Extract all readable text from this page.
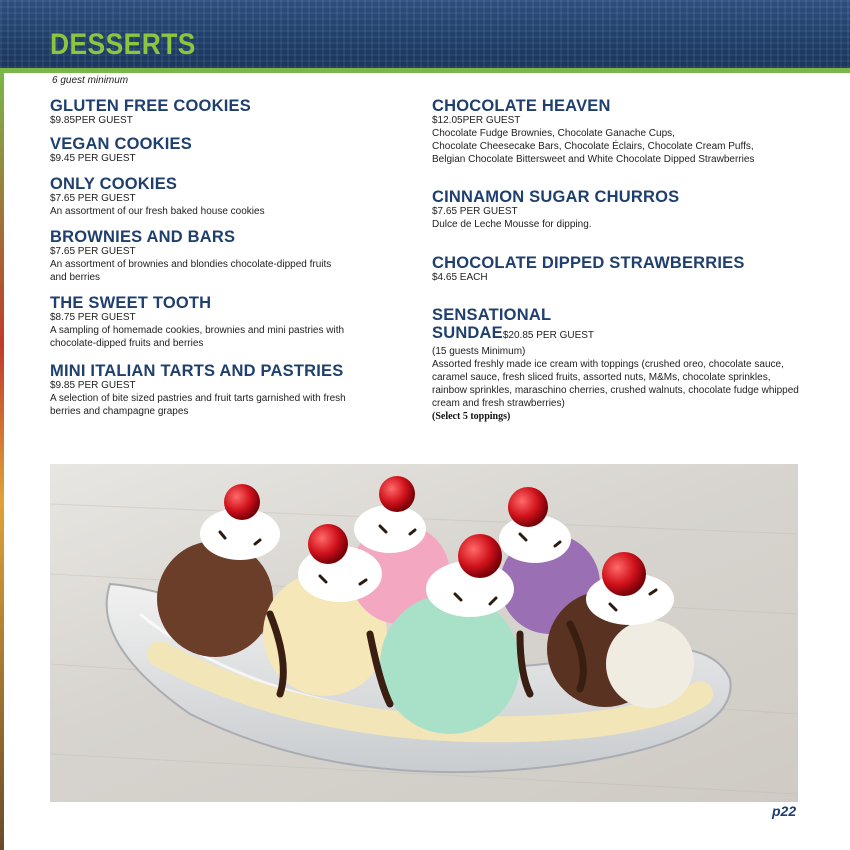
DESSERTS
6 guest minimum
GLUTEN FREE COOKIES
$9.85PER GUEST
VEGAN COOKIES
$9.45 PER GUEST
ONLY COOKIES
$7.65 PER GUEST
An assortment of our fresh baked house cookies
BROWNIES AND BARS
$7.65 PER GUEST
An assortment of brownies and blondies chocolate-dipped fruits and berries
THE SWEET TOOTH
$8.75 PER GUEST
A sampling of homemade cookies, brownies and mini pastries with chocolate-dipped fruits and berries
MINI ITALIAN TARTS AND PASTRIES
$9.85 PER GUEST
A selection of bite sized pastries and fruit tarts garnished with fresh berries and champagne grapes
CHOCOLATE HEAVEN
$12.05PER GUEST
Chocolate Fudge Brownies, Chocolate Ganache Cups,
Chocolate Cheesecake Bars, Chocolate Éclairs, Chocolate Cream Puffs,
Belgian Chocolate Bittersweet and White Chocolate Dipped Strawberries
CINNAMON SUGAR CHURROS
$7.65 PER GUEST
Dulce de Leche Mousse for dipping.
CHOCOLATE DIPPED STRAWBERRIES
$4.65 EACH
SENSATIONAL
SUNDAE$20.85 PER GUEST
(15 guests Minimum)
Assorted freshly made ice cream with toppings (crushed oreo, chocolate sauce, caramel sauce, fresh sliced fruits, assorted nuts, M&Ms, chocolate sprinkles, rainbow sprinkles, maraschino cherries, crushed walnuts, chocolate fudge whipped cream and fresh strawberries)
(Select 5 toppings)
p22
